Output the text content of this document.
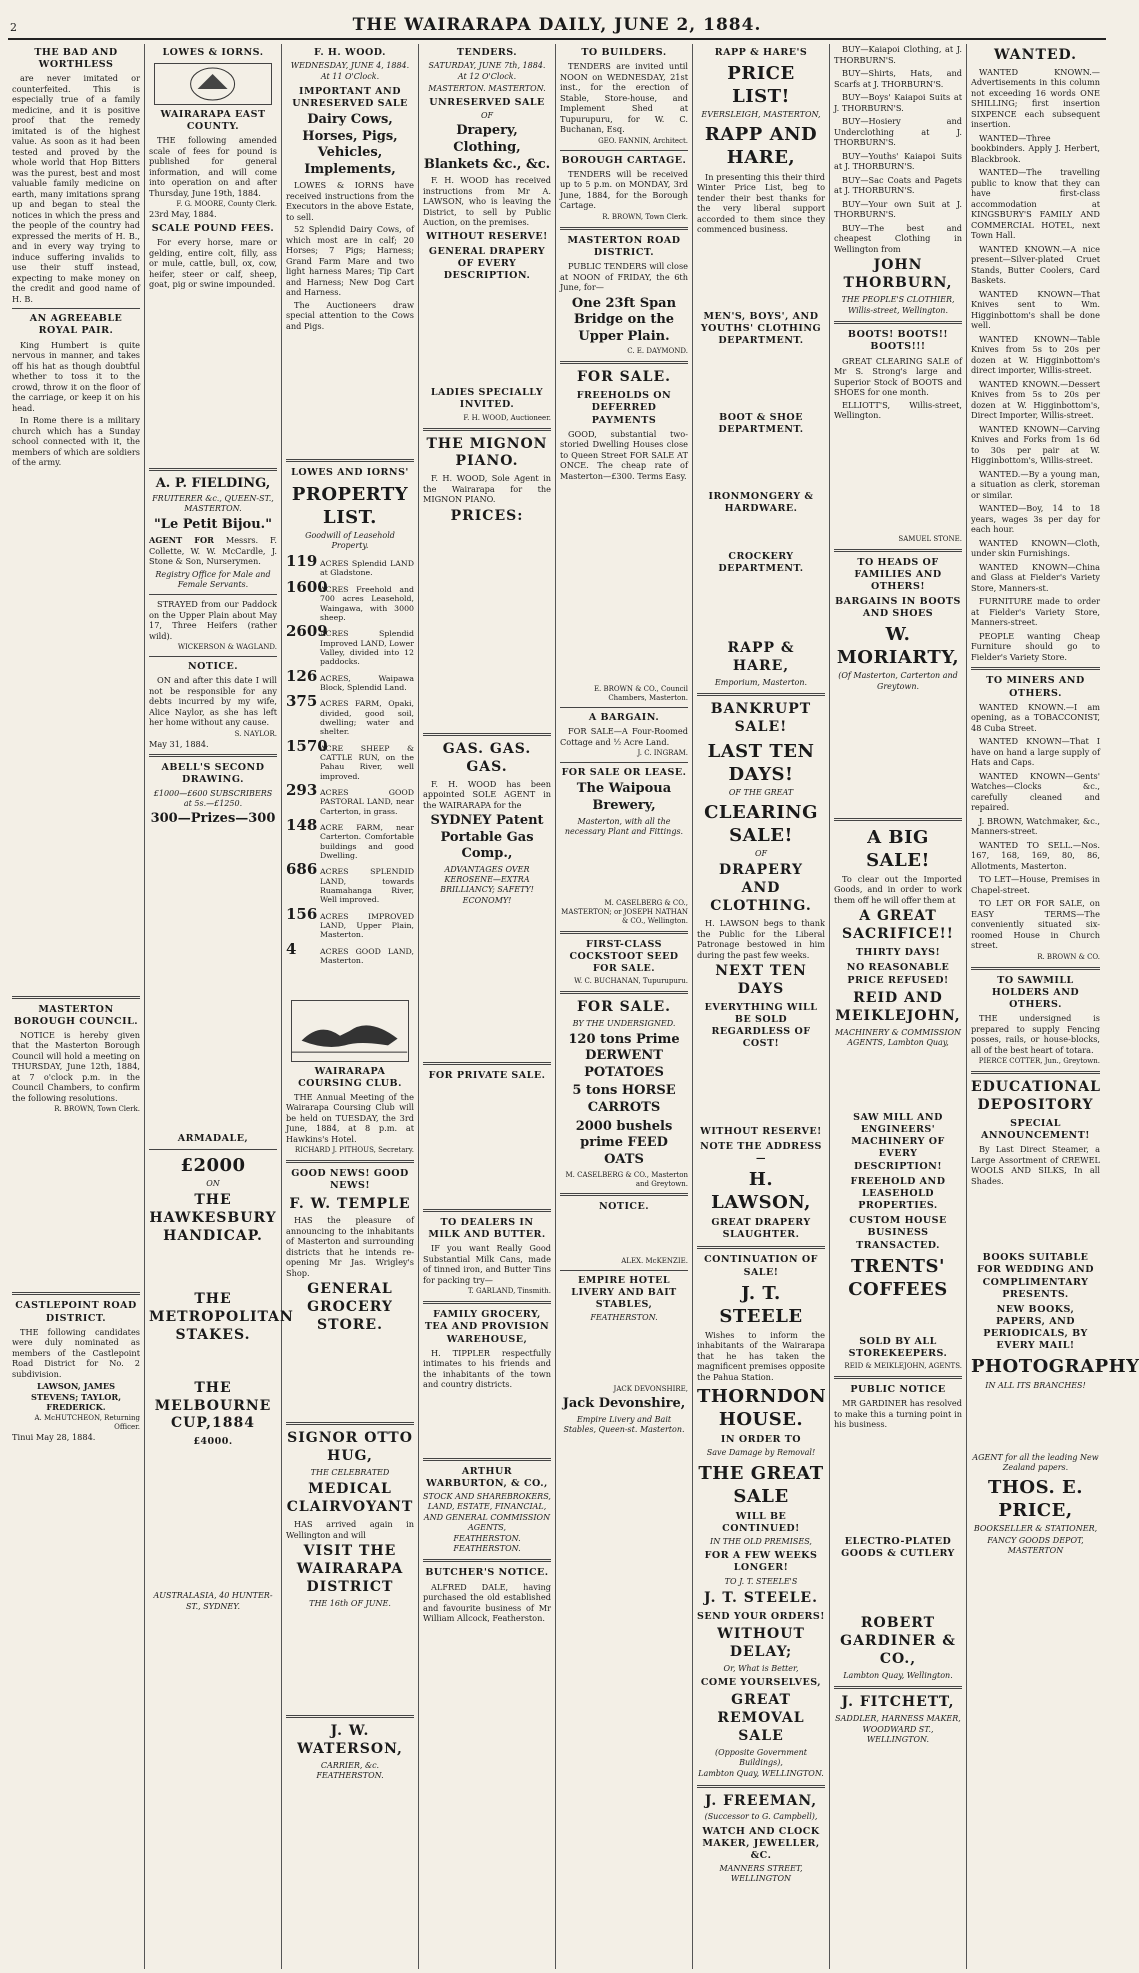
2	THE WAIRARAPA DAILY, JUNE 2, 1884.
THE BAD AND WORTHLESS

are never imitated or counterfeited. This is especially true of a family medicine, and it is positive proof that the remedy imitated is of the highest value. As soon as it had been tested and proved by the whole world that Hop Bitters was the purest, best and most valuable family medicine on earth, many imitations sprang up and began to steal the notices in which the press and the people of the country had expressed the merits of H. B., and in every way trying to induce suffering invalids to use their stuff instead, expecting to make money on the credit and good name of H. B.

AN AGREEABLE ROYAL PAIR.

King Humbert is quite nervous in manner, and takes off his hat as though doubtful whether to toss it to the crowd, throw it on the floor of the carriage, or keep it on his head.

In Rome there is a military church which has a Sunday school connected with it, the members of which are soldiers of the army.

MASTERTON BOROUGH COUNCIL.

NOTICE is hereby given that the Masterton Borough Council will hold a meeting on THURSDAY, June 12th, 1884, at 7 o'clock p.m. in the Council Chambers, to confirm the following resolutions.

R. BROWN, Town Clerk.
CASTLEPOINT ROAD DISTRICT.

THE following candidates were duly nominated as members of the Castlepoint Road District for No. 2 subdivision.

LAWSON, JAMES STEVENS; TAYLOR, FREDERICK.
A. McHUTCHEON, Returning Officer.
Tinui May 28, 1884.
LOWES & IORNS.
WAIRARAPA EAST COUNTY.

THE following amended scale of fees for pound is published for general information, and will come into operation on and after Thursday, June 19th, 1884.

F. G. MOORE, County Clerk.
23rd May, 1884.
SCALE POUND FEES.

For every horse, mare or gelding, entire colt, filly, ass or mule, cattle, bull, ox, cow, heifer, steer or calf, sheep, goat, pig or swine impounded.

A. P. FIELDING,
FRUITERER &c., QUEEN-ST., MASTERTON.
"Le Petit Bijou."
AGENT FOR Messrs. F. Collette, W. W. McCardle, J. Stone & Son, Nurserymen.
Registry Office for Male and Female Servants.

STRAYED from our Paddock on the Upper Plain about May 17, Three Heifers (rather wild).

WICKERSON & WAGLAND.
NOTICE.

ON and after this date I will not be responsible for any debts incurred by my wife, Alice Naylor, as she has left her home without any cause.

S. NAYLOR.
May 31, 1884.
ABELL'S SECOND DRAWING.
£1000—£600 SUBSCRIBERS at 5s.—£1250.
300—Prizes—300
ARMADALE,
£2000
ON
THE HAWKESBURY HANDICAP.
THE METROPOLITAN STAKES.
THE MELBOURNE CUP,1884
£4000.
AUSTRALASIA, 40 HUNTER-ST., SYDNEY.
F. H. WOOD.
WEDNESDAY, JUNE 4, 1884.
At 11 O'Clock.
IMPORTANT AND UNRESERVED SALE
Dairy Cows, Horses, Pigs, Vehicles, Implements,

LOWES & IORNS have received instructions from the Executors in the above Estate, to sell.

52 Splendid Dairy Cows, of which most are in calf; 20 Horses; 7 Pigs; Harness; Grand Farm Mare and two light harness Mares; Tip Cart and Harness; New Dog Cart and Harness.

The Auctioneers draw special attention to the Cows and Pigs.

LOWES AND IORNS'
PROPERTY LIST.
Goodwill of Leasehold Property.
119 ACRES Splendid LAND at Gladstone.
1600
ACRES Freehold and 700 acres Leasehold, Waingawa, with 3000 sheep.
2609
ACRES Splendid Improved LAND, Lower Valley, divided into 12 paddocks.
126 ACRES, Waipawa Block, Splendid Land.
375 ACRES FARM, Opaki, divided, good soil, dwelling; water and shelter.
1570
ACRE SHEEP & CATTLE RUN, on the Pahau River, well improved.
293 ACRES GOOD PASTORAL LAND, near Carterton, in grass.
148 ACRE FARM, near Carterton. Comfortable buildings and good Dwelling.
686 ACRES SPLENDID LAND, towards Ruamahanga River, Well improved.
156 ACRES IMPROVED LAND, Upper Plain, Masterton.
4	ACRES GOOD LAND, Masterton.
WAIRARAPA COURSING CLUB.

THE Annual Meeting of the Wairarapa Coursing Club will be held on TUESDAY, the 3rd June, 1884, at 8 p.m. at Hawkins's Hotel.

RICHARD J. PITHOUS, Secretary.
GOOD NEWS! GOOD NEWS!
F. W. TEMPLE

HAS the pleasure of announcing to the inhabitants of Masterton and surrounding districts that he intends re-opening Mr Jas. Wrigley's Shop.

GENERAL GROCERY STORE.
SIGNOR OTTO HUG,
THE CELEBRATED
MEDICAL CLAIRVOYANT

HAS arrived again in Wellington and will

VISIT THE WAIRARAPA DISTRICT
THE 16th OF JUNE.
J. W. WATERSON,
CARRIER, &c. FEATHERSTON.
TENDERS.
SATURDAY, JUNE 7th, 1884.
At 12 O'Clock.
MASTERTON. MASTERTON.
UNRESERVED SALE
OF
Drapery, Clothing, Blankets &c., &c.

F. H. WOOD has received instructions from Mr A. LAWSON, who is leaving the District, to sell by Public Auction, on the premises.

WITHOUT RESERVE!
GENERAL DRAPERY OF EVERY DESCRIPTION.
LADIES SPECIALLY INVITED.
F. H. WOOD, Auctioneer.
THE MIGNON PIANO.

F. H. WOOD, Sole Agent in the Wairarapa for the MIGNON PIANO.

PRICES:
GAS. GAS. GAS.

F. H. WOOD has been appointed SOLE AGENT in the WAIRARAPA for the

SYDNEY Patent Portable Gas Comp.,
ADVANTAGES OVER KEROSENE—EXTRA BRILLIANCY; SAFETY! ECONOMY!
FOR PRIVATE SALE.
TO DEALERS IN MILK AND BUTTER.

IF you want Really Good Substantial Milk Cans, made of tinned iron, and Butter Tins for packing try—

T. GARLAND, Tinsmith.
FAMILY GROCERY, TEA AND PROVISION WAREHOUSE,

H. TIPPLER respectfully intimates to his friends and the inhabitants of the town and country districts.

ARTHUR WARBURTON, & CO.,
STOCK AND SHAREBROKERS, LAND, ESTATE, FINANCIAL, AND GENERAL COMMISSION AGENTS,
FEATHERSTON. FEATHERSTON.
BUTCHER'S NOTICE.

ALFRED DALE, having purchased the old established and favourite business of Mr William Allcock, Featherston.

TO BUILDERS.

TENDERS are invited until NOON on WEDNESDAY, 21st inst., for the erection of Stable, Store-house, and Implement Shed at Tupurupuru, for W. C. Buchanan, Esq.

GEO. FANNIN, Architect.
BOROUGH CARTAGE.

TENDERS will be received up to 5 p.m. on MONDAY, 3rd June, 1884, for the Borough Cartage.

R. BROWN, Town Clerk.
MASTERTON ROAD DISTRICT.

PUBLIC TENDERS will close at NOON of FRIDAY, the 6th June, for—

One 23ft Span Bridge on the Upper Plain.
C. E. DAYMOND.
FOR SALE.
FREEHOLDS ON DEFERRED PAYMENTS

GOOD, substantial two-storied Dwelling Houses close to Queen Street FOR SALE AT ONCE. The cheap rate of Masterton—£300. Terms Easy.

E. BROWN & CO., Council Chambers, Masterton.
A BARGAIN.

FOR SALE—A Four-Roomed Cottage and ½ Acre Land.

J. C. INGRAM.
FOR SALE OR LEASE.
The Waipoua Brewery,
Masterton, with all the necessary Plant and Fittings.
M. CASELBERG & CO., MASTERTON; or JOSEPH NATHAN & CO., Wellington.
FIRST-CLASS COCKSTOOT SEED FOR SALE.
W. C. BUCHANAN, Tupurupuru.
FOR SALE.
BY THE UNDERSIGNED.
120 tons Prime DERWENT POTATOES
5 tons HORSE CARROTS
2000 bushels prime FEED OATS
M. CASELBERG & CO., Masterton and Greytown.
NOTICE.
ALEX. McKENZIE.
EMPIRE HOTEL LIVERY AND BAIT STABLES,
FEATHERSTON.
JACK DEVONSHIRE,
Jack Devonshire,
Empire Livery and Bait Stables, Queen-st. Masterton.
RAPP & HARE'S
PRICE LIST!
EVERSLEIGH, MASTERTON,
RAPP AND HARE,

In presenting this their third Winter Price List, beg to tender their best thanks for the very liberal support accorded to them since they commenced business.

MEN'S, BOYS', AND YOUTHS' CLOTHING DEPARTMENT.
BOOT & SHOE DEPARTMENT.
IRONMONGERY & HARDWARE.
CROCKERY DEPARTMENT.
RAPP & HARE,
Emporium, Masterton.
BANKRUPT SALE!
LAST TEN DAYS!
OF THE GREAT
CLEARING SALE!
OF
DRAPERY AND CLOTHING.

H. LAWSON begs to thank the Public for the Liberal Patronage bestowed in him during the past few weeks.

NEXT TEN DAYS
EVERYTHING WILL BE SOLD REGARDLESS OF COST!
WITHOUT RESERVE!
NOTE THE ADDRESS—
H. LAWSON,
GREAT DRAPERY SLAUGHTER.
CONTINUATION OF SALE!
J. T. STEELE

Wishes to inform the inhabitants of the Wairarapa that he has taken the magnificent premises opposite the Pahua Station.

THORNDON HOUSE.
IN ORDER TO
Save Damage by Removal!
THE GREAT SALE
WILL BE CONTINUED!
IN THE OLD PREMISES,
FOR A FEW WEEKS LONGER!
TO J. T. STEELE'S
J. T. STEELE.
SEND YOUR ORDERS!
WITHOUT DELAY;
Or, What is Better,
COME YOURSELVES,
GREAT REMOVAL SALE
(Opposite Government Buildings),
Lambton Quay, WELLINGTON.
J. FREEMAN,
(Successor to G. Campbell),
WATCH AND CLOCK MAKER, JEWELLER, &C.
MANNERS STREET, WELLINGTON

BUY—Kaiapoi Clothing, at J. THORBURN'S.

BUY—Shirts, Hats, and Scarfs at J. THORBURN'S.

BUY—Boys' Kaiapoi Suits at J. THORBURN'S.

BUY—Hosiery and Underclothing at J. THORBURN'S.

BUY—Youths' Kaiapoi Suits at J. THORBURN'S.

BUY—Sac Coats and Pagets at J. THORBURN'S.

BUY—Your own Suit at J. THORBURN'S.

BUY—The best and cheapest Clothing in Wellington from

JOHN THORBURN,
THE PEOPLE'S CLOTHIER,
Willis-street, Wellington.
BOOTS! BOOTS!! BOOTS!!!

GREAT CLEARING SALE of Mr S. Strong's large and Superior Stock of BOOTS and SHOES for one month.

ELLIOTT'S, Willis-street, Wellington.

SAMUEL STONE.
TO HEADS OF FAMILIES AND OTHERS!
BARGAINS IN BOOTS AND SHOES
W. MORIARTY,
(Of Masterton, Carterton and Greytown.
A BIG SALE!

To clear out the Imported Goods, and in order to work them off he will offer them at

A GREAT SACRIFICE!!
THIRTY DAYS!
NO REASONABLE PRICE REFUSED!
REID AND MEIKLEJOHN,
MACHINERY & COMMISSION AGENTS, Lambton Quay,
SAW MILL AND ENGINEERS' MACHINERY OF EVERY DESCRIPTION!
FREEHOLD AND LEASEHOLD PROPERTIES.
CUSTOM HOUSE BUSINESS TRANSACTED.
TRENTS' COFFEES
SOLD BY ALL STOREKEEPERS.
REID & MEIKLEJOHN, AGENTS.
PUBLIC NOTICE

MR GARDINER has resolved to make this a turning point in his business.

ELECTRO-PLATED GOODS & CUTLERY
ROBERT GARDINER & CO.,
Lambton Quay, Wellington.
J. FITCHETT,
SADDLER, HARNESS MAKER,
WOODWARD ST., WELLINGTON.
WANTED.

WANTED KNOWN.—Advertisements in this column not exceeding 16 words ONE SHILLING; first insertion SIXPENCE each subsequent insertion.

WANTED—Three bookbinders. Apply J. Herbert, Blackbrook.

WANTED—The travelling public to know that they can have first-class accommodation at KINGSBURY'S FAMILY AND COMMERCIAL HOTEL, next Town Hall.

WANTED KNOWN.—A nice present—Silver-plated Cruet Stands, Butter Coolers, Card Baskets.

WANTED KNOWN—That Knives sent to Wm. Higginbottom's shall be done well.

WANTED KNOWN—Table Knives from 5s to 20s per dozen at W. Higginbottom's direct importer, Willis-street.

WANTED KNOWN.—Dessert Knives from 5s to 20s per dozen at W. Higginbottom's, Direct Importer, Willis-street.

WANTED KNOWN—Carving Knives and Forks from 1s 6d to 30s per pair at W. Higginbottom's, Willis-street.

WANTED.—By a young man, a situation as clerk, storeman or similar.

WANTED—Boy, 14 to 18 years, wages 3s per day for each hour.

WANTED KNOWN—Cloth, under skin Furnishings.

WANTED KNOWN—China and Glass at Fielder's Variety Store, Manners-st.

FURNITURE made to order at Fielder's Variety Store, Manners-street.

PEOPLE wanting Cheap Furniture should go to Fielder's Variety Store.

TO MINERS AND OTHERS.

WANTED KNOWN.—I am opening, as a TOBACCONIST, 48 Cuba Street.

WANTED KNOWN—That I have on hand a large supply of Hats and Caps.

WANTED KNOWN—Gents' Watches—Clocks &c., carefully cleaned and repaired.

J. BROWN, Watchmaker, &c., Manners-street.

WANTED TO SELL.—Nos. 167, 168, 169, 80, 86, Allotments, Masterton.

TO LET—House, Premises in Chapel-street.

TO LET OR FOR SALE, on EASY TERMS—The conveniently situated six-roomed House in Church street.

R. BROWN & CO.
TO SAWMILL HOLDERS AND OTHERS.

THE undersigned is prepared to supply Fencing posses, rails, or house-blocks, all of the best heart of totara.

PIERCE COTTER, Jun., Greytown.
EDUCATIONAL DEPOSITORY
SPECIAL ANNOUNCEMENT!

By Last Direct Steamer, a Large Assortment of CREWEL WOOLS AND SILKS, In all Shades.

BOOKS SUITABLE FOR WEDDING AND COMPLIMENTARY PRESENTS.
NEW BOOKS, PAPERS, AND PERIODICALS, BY EVERY MAIL!
PHOTOGRAPHY
IN ALL ITS BRANCHES!
AGENT for all the leading New Zealand papers.
THOS. E. PRICE,
BOOKSELLER & STATIONER,
FANCY GOODS DEPOT, MASTERTON
